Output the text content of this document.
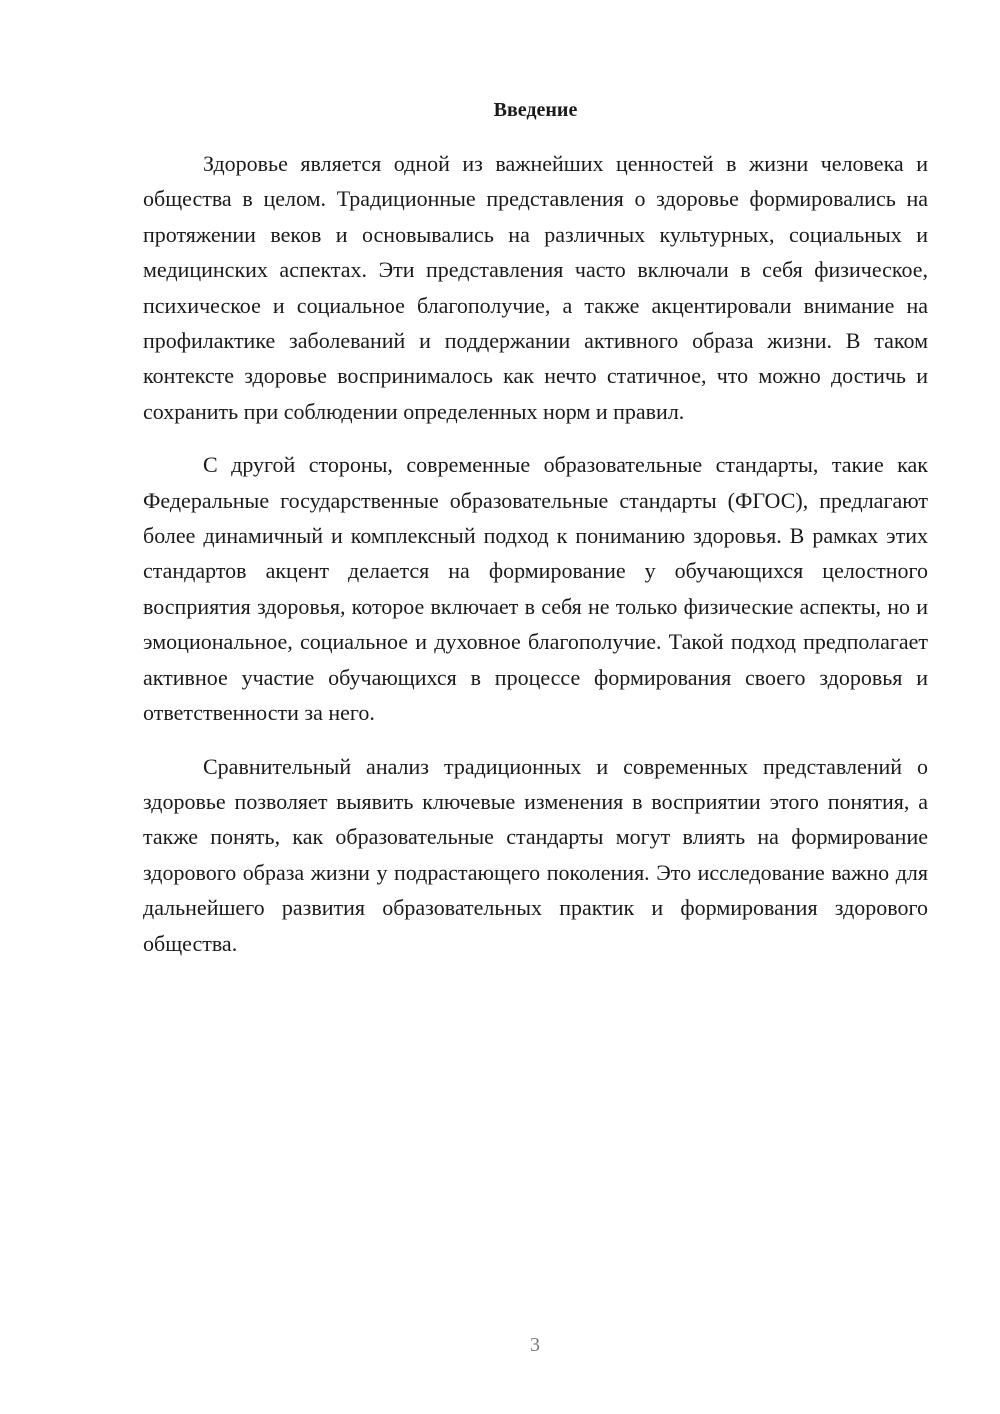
Введение

Здоровье является одной из важнейших ценностей в жизни человека и общества в целом. Традиционные представления о здоровье формировались на протяжении веков и основывались на различных культурных, социальных и медицинских аспектах. Эти представления часто включали в себя физическое, психическое и социальное благополучие, а также акцентировали внимание на профилактике заболеваний и поддержании активного образа жизни. В таком контексте здоровье воспринималось как нечто статичное, что можно достичь и сохранить при соблюдении определенных норм и правил.

С другой стороны, современные образовательные стандарты, такие как Федеральные государственные образовательные стандарты (ФГОС), предлагают более динамичный и комплексный подход к пониманию здоровья. В рамках этих стандартов акцент делается на формирование у обучающихся целостного восприятия здоровья, которое включает в себя не только физические аспекты, но и эмоциональное, социальное и духовное благополучие. Такой подход предполагает активное участие обучающихся в процессе формирования своего здоровья и ответственности за него.

Сравнительный анализ традиционных и современных представлений о здоровье позволяет выявить ключевые изменения в восприятии этого понятия, а также понять, как образовательные стандарты могут влиять на формирование здорового образа жизни у подрастающего поколения. Это исследование важно для дальнейшего развития образовательных практик и формирования здорового общества.

3
